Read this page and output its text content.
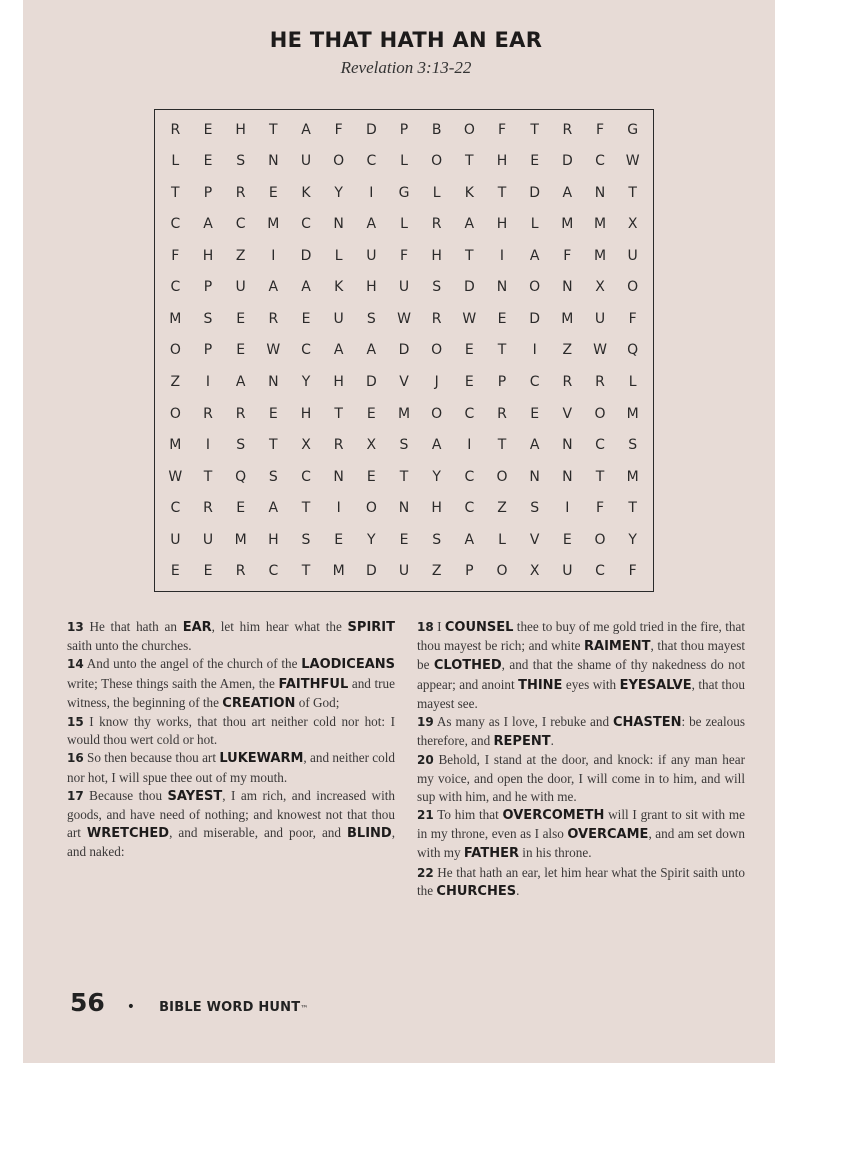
HE THAT HATH AN EAR
Revelation 3:13-22
R	E	H	T	A	F	D	P	B	O	F	T	R	F	G
L	E	S	N	U	O	C	L	O	T	H	E	D	C	W
T	P	R	E	K	Y	I	G	L	K	T	D	A	N	T
C	A	C	M	C	N	A	L	R	A	H	L	M	M	X
F	H	Z	I	D	L	U	F	H	T	I	A	F	M	U
C	P	U	A	A	K	H	U	S	D	N	O	N	X	O
M	S	E	R	E	U	S	W	R	W	E	D	M	U	F
O	P	E	W	C	A	A	D	O	E	T	I	Z	W	Q
Z	I	A	N	Y	H	D	V	J	E	P	C	R	R	L
O	R	R	E	H	T	E	M	O	C	R	E	V	O	M
M	I	S	T	X	R	X	S	A	I	T	A	N	C	S
W	T	Q	S	C	N	E	T	Y	C	O	N	N	T	M
C	R	E	A	T	I	O	N	H	C	Z	S	I	F	T
U	U	M	H	S	E	Y	E	S	A	L	V	E	O	Y
E	E	R	C	T	M	D	U	Z	P	O	X	U	C	F

13 He that hath an EAR, let him hear what the SPIRIT saith unto the churches.

14 And unto the angel of the church of the LAODICEANS write; These things saith the Amen, the FAITHFUL and true witness, the beginning of the CREATION of God;

15 I know thy works, that thou art neither cold nor hot: I would thou wert cold or hot.

16 So then because thou art LUKEWARM, and neither cold nor hot, I will spue thee out of my mouth.

17 Because thou SAYEST, I am rich, and increased with goods, and have need of nothing; and knowest not that thou art WRETCHED, and miserable, and poor, and BLIND, and naked:

18 I COUNSEL thee to buy of me gold tried in the fire, that thou mayest be rich; and white RAIMENT, that thou mayest be CLOTHED, and that the shame of thy nakedness do not appear; and anoint THINE eyes with EYESALVE, that thou mayest see.

19 As many as I love, I rebuke and CHASTEN: be zealous therefore, and REPENT.

20 Behold, I stand at the door, and knock: if any man hear my voice, and open the door, I will come in to him, and will sup with him, and he with me.

21 To him that OVERCOMETH will I grant to sit with me in my throne, even as I also OVERCAME, and am set down with my FATHER in his throne.

22 He that hath an ear, let him hear what the Spirit saith unto the CHURCHES.

56 • BIBLE WORD HUNT ™
